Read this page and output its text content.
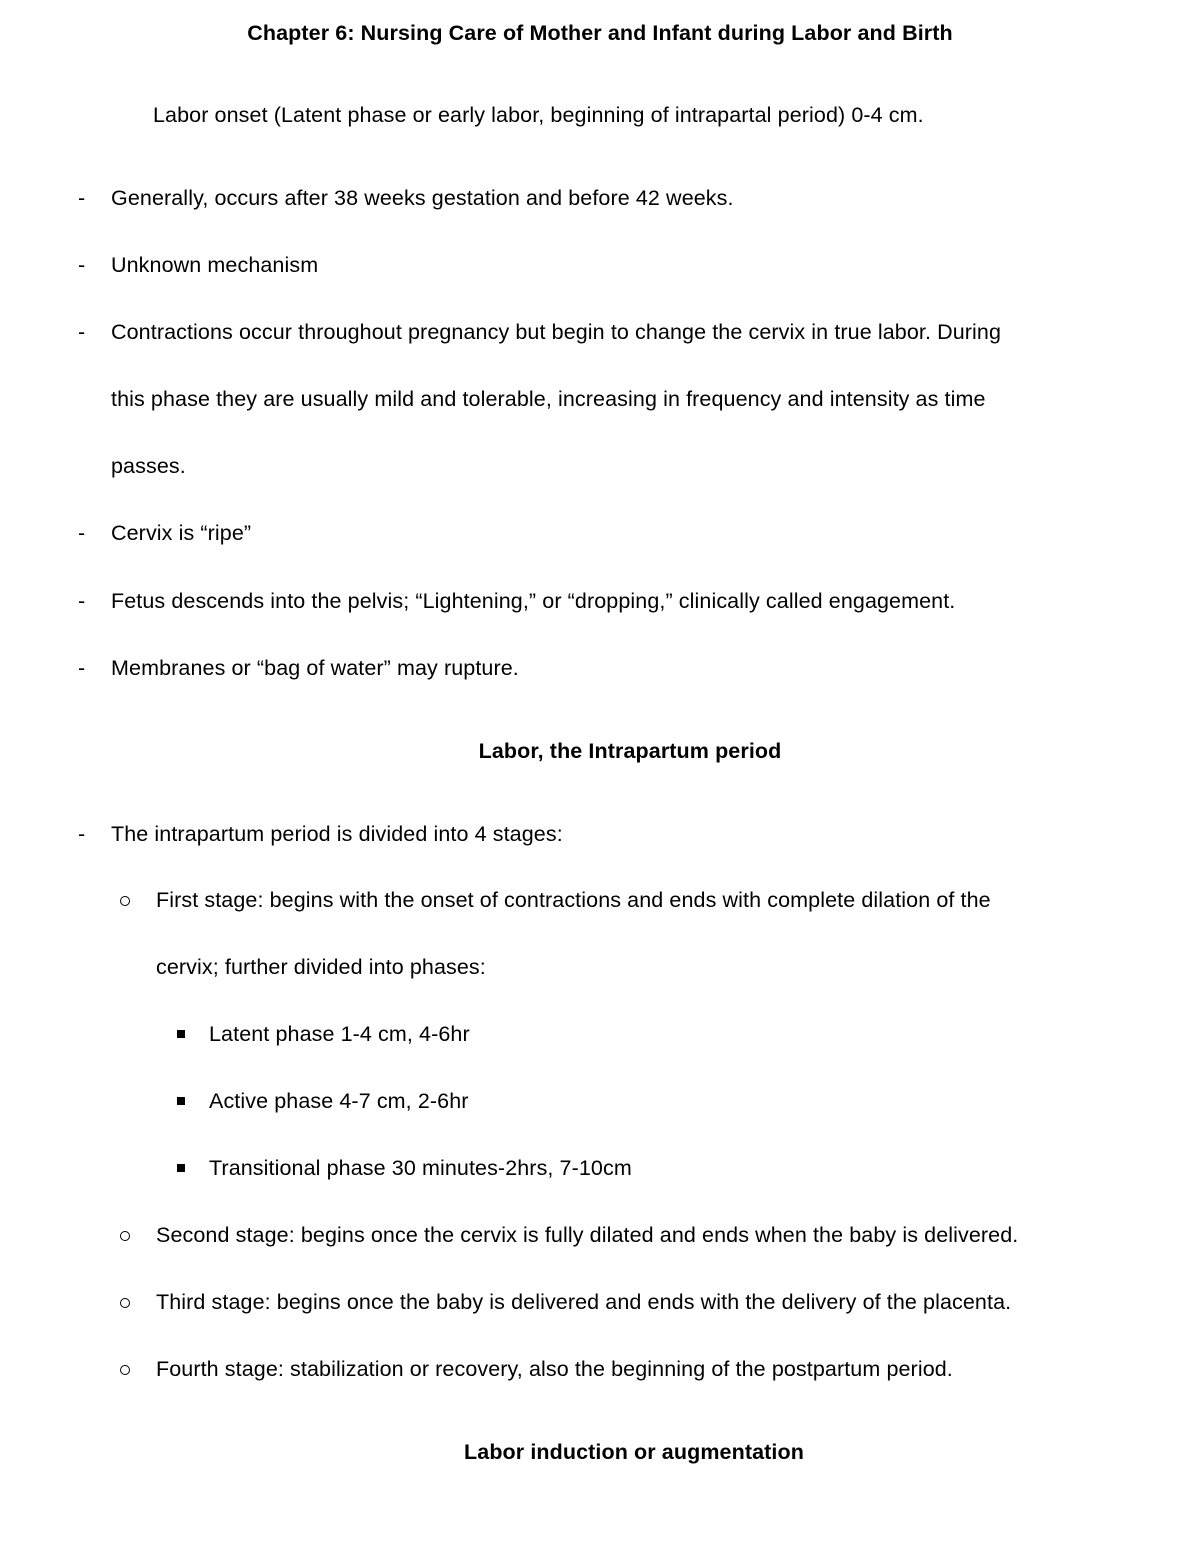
Chapter 6: Nursing Care of Mother and Infant during Labor and Birth
Labor onset (Latent phase or early labor, beginning of intrapartal period) 0-4 cm.
- Generally, occurs after 38 weeks gestation and before 42 weeks.
- Unknown mechanism
- Contractions occur throughout pregnancy but begin to change the cervix in true labor. During
this phase they are usually mild and tolerable, increasing in frequency and intensity as time
passes.
- Cervix is “ripe”
- Fetus descends into the pelvis; “Lightening,” or “dropping,” clinically called engagement.
- Membranes or “bag of water” may rupture.
Labor, the Intrapartum period
- The intrapartum period is divided into 4 stages:
First stage: begins with the onset of contractions and ends with complete dilation of the
cervix; further divided into phases:
Latent phase 1-4 cm, 4-6hr
Active phase 4-7 cm, 2-6hr
Transitional phase 30 minutes-2hrs, 7-10cm
Second stage: begins once the cervix is fully dilated and ends when the baby is delivered.
Third stage: begins once the baby is delivered and ends with the delivery of the placenta.
Fourth stage: stabilization or recovery, also the beginning of the postpartum period.
Labor induction or augmentation
